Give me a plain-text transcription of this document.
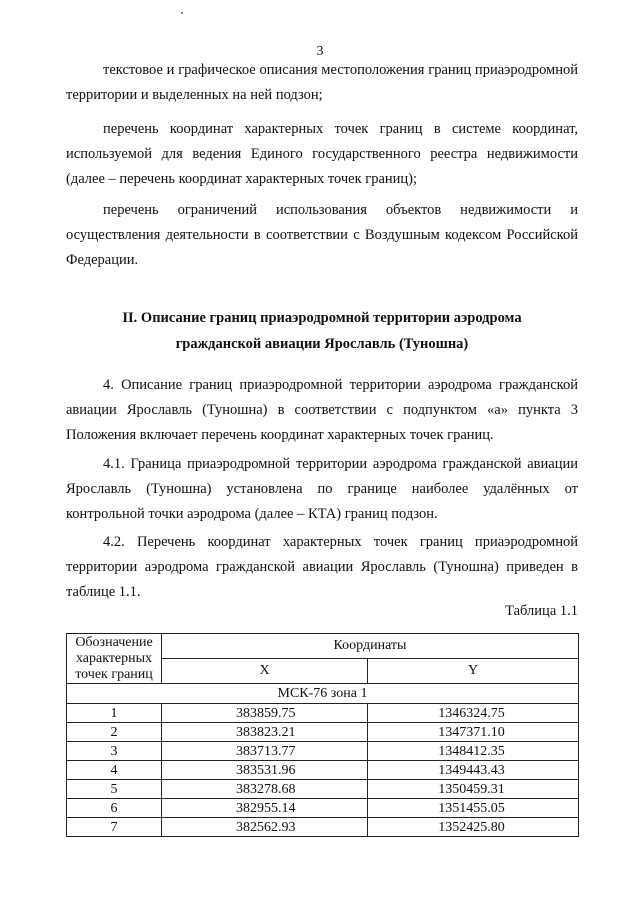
3
текстовое и графическое описания местоположения границ приаэродромной территории и выделенных на ней подзон;
перечень координат характерных точек границ в системе координат, используемой для ведения Единого государственного реестра недвижимости (далее – перечень координат характерных точек границ);
перечень ограничений использования объектов недвижимости и осуществления деятельности в соответствии с Воздушным кодексом Российской Федерации.
II. Описание границ приаэродромной территории аэродрома
гражданской авиации Ярославль (Туношна)
4. Описание границ приаэродромной территории аэродрома гражданской авиации Ярославль (Туношна) в соответствии с подпунктом «а» пункта 3 Положения включает перечень координат характерных точек границ.
4.1. Граница приаэродромной территории аэродрома гражданской авиации Ярославль (Туношна) установлена по границе наиболее удалённых от контрольной точки аэродрома (далее – КТА) границ подзон.
4.2. Перечень координат характерных точек границ приаэродромной территории аэродрома гражданской авиации Ярославль (Туношна) приведен в таблице 1.1.
Таблица 1.1
Обозначение характерных точек границ	Координаты	
	X	Y
МСК-76 зона 1		
1	383859.75	1346324.75
2	383823.21	1347371.10
3	383713.77	1348412.35
4	383531.96	1349443.43
5	383278.68	1350459.31
6	382955.14	1351455.05
7	382562.93	1352425.80
